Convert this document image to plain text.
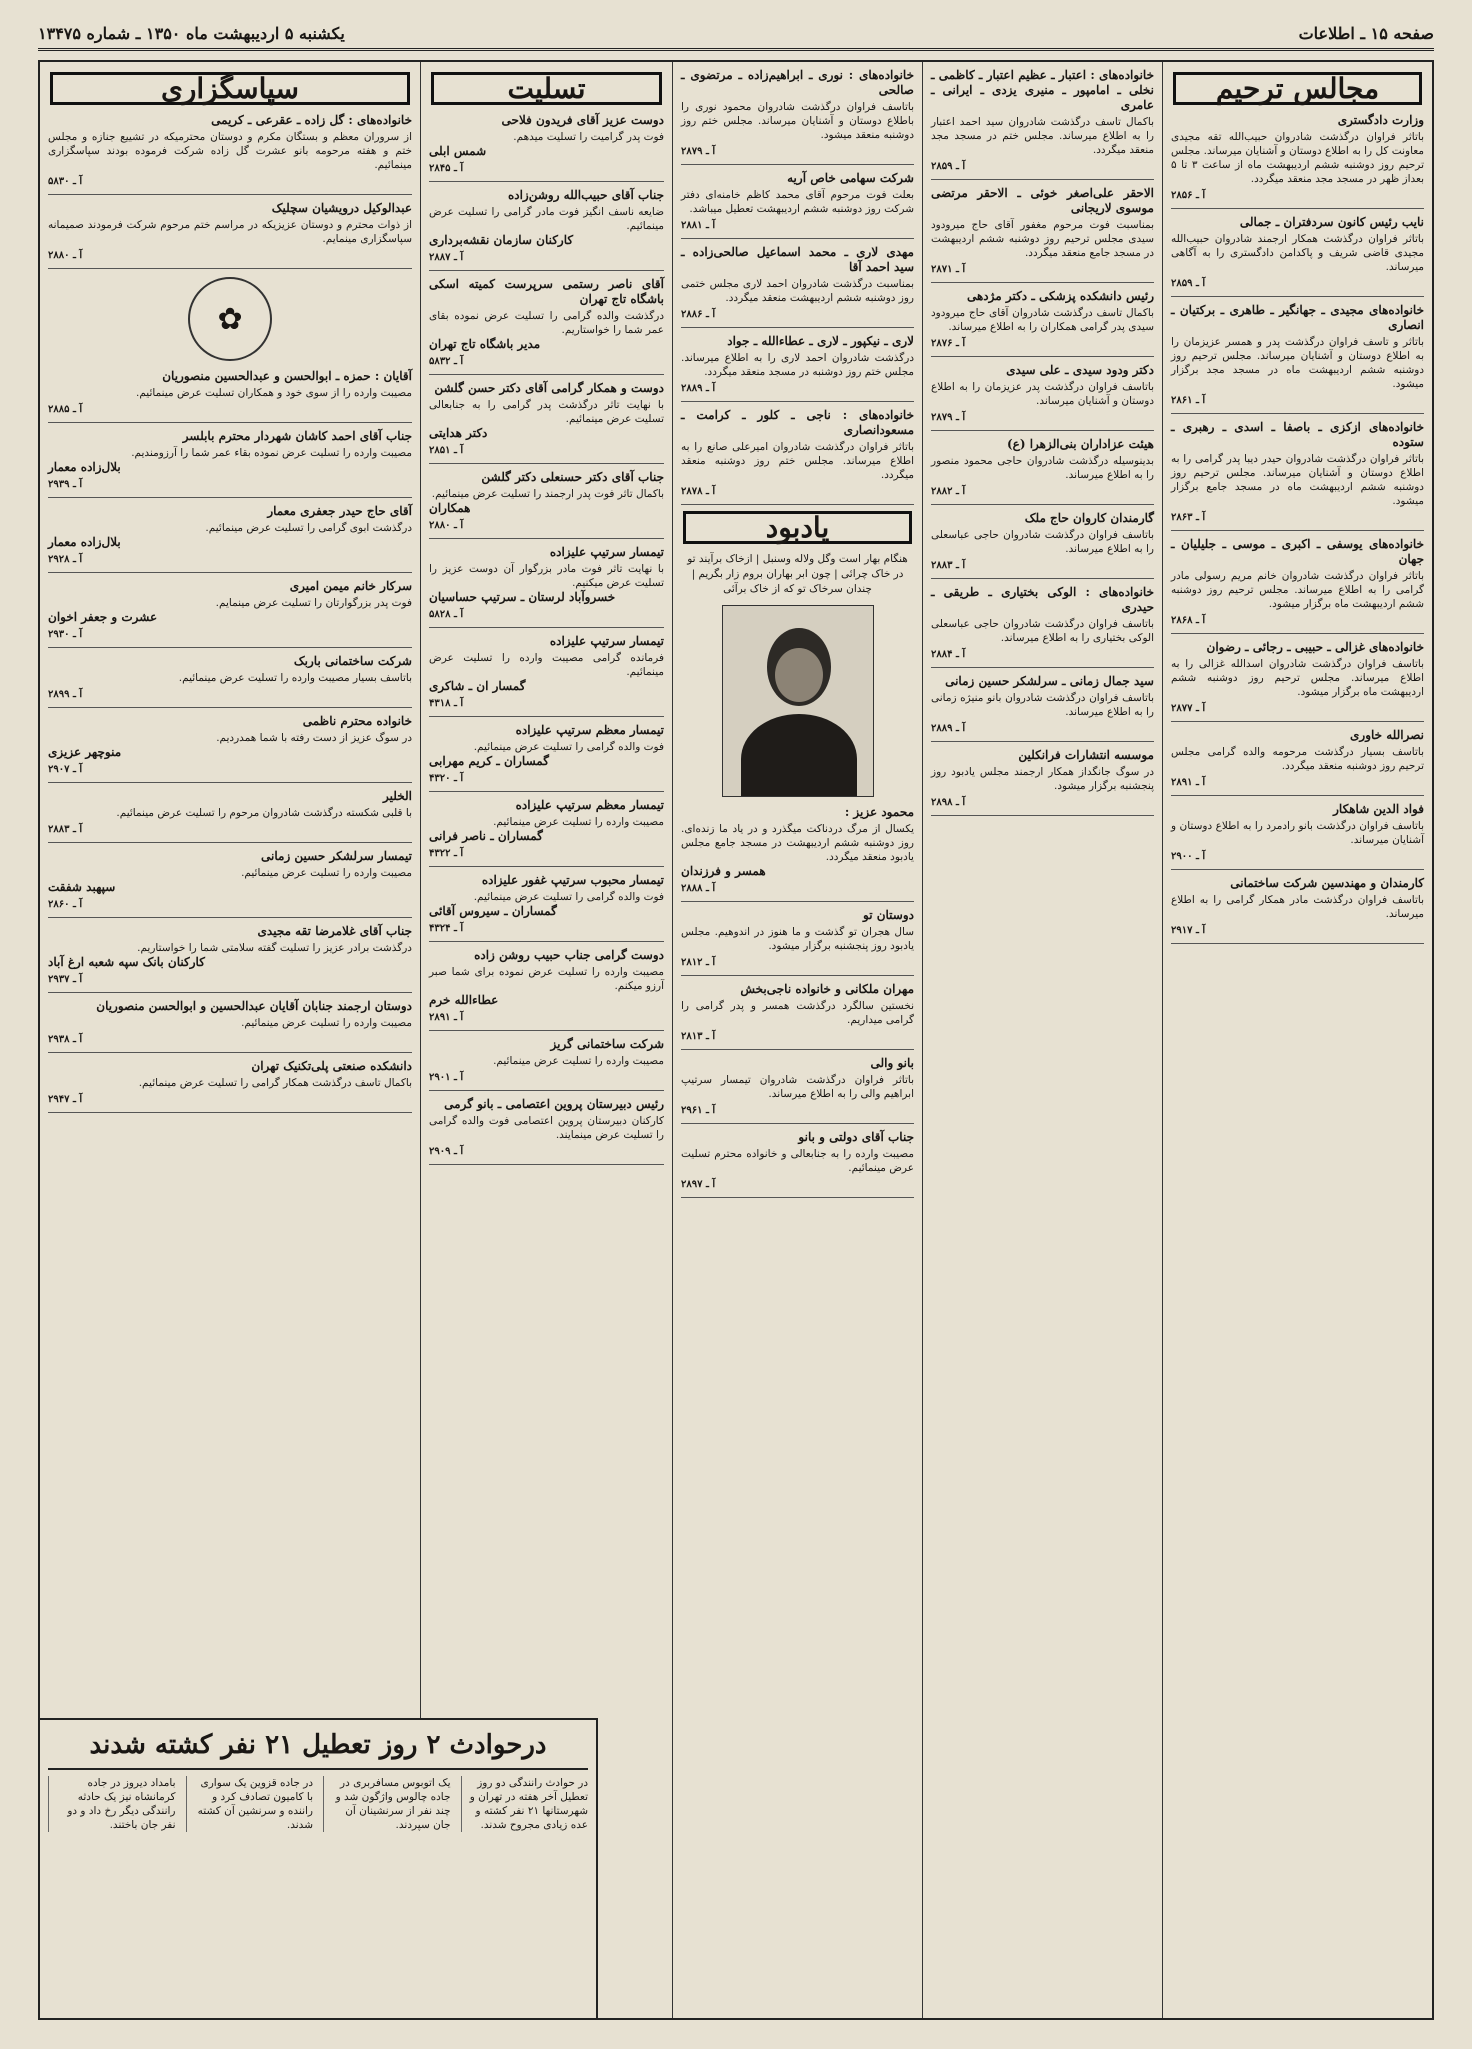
صفحه ۱۵ ـ اطلاعات
یکشنبه ۵ اردیبهشت ماه ۱۳۵۰ ـ شماره ۱۳۴۷۵
مجالس ترحیم
وزارت دادگستری
باتاثر فراوان درگذشت شادروان حبیب‌الله تقه مجیدی معاونت کل را به اطلاع دوستان و آشنایان میرساند. مجلس ترحیم روز دوشنبه ششم اردیبهشت ماه از ساعت ۳ تا ۵ بعداز ظهر در مسجد مجد منعقد میگردد.
آ ـ ۲۸۵۶
نایب رئیس کانون سردفتران ـ جمالی
باتاثر فراوان درگذشت همکار ارجمند شادروان حبیب‌الله مجیدی قاضی شریف و پاکدامن دادگستری را به آگاهی میرساند.
آ ـ ۲۸۵۹
خانواده‌های مجیدی ـ جهانگیر ـ طاهری ـ برکتیان ـ انصاری
باتاثر و تاسف فراوان درگذشت پدر و همسر عزیزمان را به اطلاع دوستان و آشنایان میرساند. مجلس ترحیم روز دوشنبه ششم اردیبهشت ماه در مسجد مجد برگزار میشود.
آ ـ ۲۸۶۱
خانواده‌های ازکزی ـ باصفا ـ اسدی ـ رهبری ـ ستوده
باتاثر فراوان درگذشت شادروان حیدر دیبا پدر گرامی را به اطلاع دوستان و آشنایان میرساند. مجلس ترحیم روز دوشنبه ششم اردیبهشت ماه در مسجد جامع برگزار میشود.
آ ـ ۲۸۶۳
خانواده‌های یوسفی ـ اکبری ـ موسی ـ جلیلیان ـ جهان
باتاثر فراوان درگذشت شادروان خانم مریم رسولی مادر گرامی را به اطلاع میرساند. مجلس ترحیم روز دوشنبه ششم اردیبهشت ماه برگزار میشود.
آ ـ ۲۸۶۸
خانواده‌های غزالی ـ حبیبی ـ رجائی ـ رضوان
باتاسف فراوان درگذشت شادروان اسدالله غزالی را به اطلاع میرساند. مجلس ترحیم روز دوشنبه ششم اردیبهشت ماه برگزار میشود.
آ ـ ۲۸۷۷
نصرالله خاوری
باتاسف بسیار درگذشت مرحومه والده گرامی مجلس ترحیم روز دوشنبه منعقد میگردد.
آ ـ ۲۸۹۱
فواد الدین شاهکار
باتاسف فراوان درگذشت بانو رادمرد را به اطلاع دوستان و آشنایان میرساند.
آ ـ ۲۹۰۰
کارمندان و مهندسین شرکت ساختمانی
باتاسف فراوان درگذشت مادر همکار گرامی را به اطلاع میرساند.
آ ـ ۲۹۱۷
خانواده‌های : اعتبار ـ عظیم اعتبار ـ کاظمی ـ نخلی ـ امامپور ـ منیری یزدی ـ ایرانی ـ عامری
باکمال تاسف درگذشت شادروان سید احمد اعتبار را به اطلاع میرساند. مجلس ختم در مسجد مجد منعقد میگردد.
آ ـ ۲۸۵۹
الاحقر علی‌اصغر خوئی ـ الاحقر مرتضی موسوی لاریجانی
بمناسبت فوت مرحوم مغفور آقای حاج میرودود سیدی مجلس ترحیم روز دوشنبه ششم اردیبهشت در مسجد جامع منعقد میگردد.
آ ـ ۲۸۷۱
رئیس دانشکده پزشکی ـ دکتر مژدهی
باکمال تاسف درگذشت شادروان آقای حاج میرودود سیدی پدر گرامی همکاران را به اطلاع میرساند.
آ ـ ۲۸۷۶
دکتر ودود سیدی ـ علی سیدی
باتاسف فراوان درگذشت پدر عزیزمان را به اطلاع دوستان و آشنایان میرساند.
آ ـ ۲۸۷۹
هیئت عزاداران بنی‌الزهرا (ع)
بدینوسیله درگذشت شادروان حاجی محمود منصور را به اطلاع میرساند.
آ ـ ۲۸۸۲
گارمندان کاروان حاج ملک
باتاسف فراوان درگذشت شادروان حاجی عباسعلی را به اطلاع میرساند.
آ ـ ۲۸۸۳
خانواده‌های : الوکی بختیاری ـ طریقی ـ حیدری
باتاسف فراوان درگذشت شادروان حاجی عباسعلی الوکی بختیاری را به اطلاع میرساند.
آ ـ ۲۸۸۴
سید جمال زمانی ـ سرلشکر حسین زمانی
باتاسف فراوان درگذشت شادروان بانو منیژه زمانی را به اطلاع میرساند.
آ ـ ۲۸۸۹
موسسه انتشارات فرانکلین
در سوگ جانگداز همکار ارجمند مجلس یادبود روز پنجشنبه برگزار میشود.
آ ـ ۲۸۹۸
خانواده‌های : نوری ـ ابراهیم‌زاده ـ مرتضوی ـ صالحی
باتاسف فراوان درگذشت شادروان محمود نوری را باطلاع دوستان و آشنایان میرساند. مجلس ختم روز دوشنبه منعقد میشود.
آ ـ ۲۸۷۹
شرکت سهامی خاص آریه
بعلت فوت مرحوم آقای محمد کاظم خامنه‌ای دفتر شرکت روز دوشنبه ششم اردیبهشت تعطیل میباشد.
آ ـ ۲۸۸۱
مهدی لاری ـ محمد اسماعیل صالحی‌زاده ـ سید احمد آقا
بمناسبت درگذشت شادروان احمد لاری مجلس ختمی روز دوشنبه ششم اردیبهشت منعقد میگردد.
آ ـ ۲۸۸۶
لاری ـ نیکپور ـ لاری ـ عطاءالله ـ جواد
درگذشت شادروان احمد لاری را به اطلاع میرساند. مجلس ختم روز دوشنبه در مسجد منعقد میگردد.
آ ـ ۲۸۸۹
خانواده‌های : ناجی ـ کلور ـ کرامت ـ مسعودانصاری
باتاثر فراوان درگذشت شادروان امیرعلی صانع را به اطلاع میرساند. مجلس ختم روز دوشنبه منعقد میگردد.
آ ـ ۲۸۷۸
یادبود
هنگام بهار است وگل ولاله وسنبل | ازخاک برآیند تو در خاک چرائی | چون ابر بهاران بروم زار بگریم | چندان سرخاک تو که از خاک برآئی
محمود عزیز :
یکسال از مرگ دردناکت میگذرد و در یاد ما زنده‌ای. روز دوشنبه ششم اردیبهشت در مسجد جامع مجلس یادبود منعقد میگردد.
همسر و فرزندان
آ ـ ۲۸۸۸
دوستان تو
سال هجران تو گذشت و ما هنوز در اندوهیم. مجلس یادبود روز پنجشنبه برگزار میشود.
آ ـ ۲۸۱۲
مهران ملکانی و خانواده ناجی‌بخش
نخستین سالگرد درگذشت همسر و پدر گرامی را گرامی میداریم.
آ ـ ۲۸۱۳
بانو والی
باتاثر فراوان درگذشت شادروان تیمسار سرتیپ ابراهیم والی را به اطلاع میرساند.
آ ـ ۲۹۶۱
جناب آقای دولتی و بانو
مصیبت وارده را به جنابعالی و خانواده محترم تسلیت عرض مینمائیم.
آ ـ ۲۸۹۷
تسلیت
دوست عزیز آقای فریدون فلاحی
فوت پدر گرامیت را تسلیت میدهم.
شمس ابلی
آ ـ ۲۸۴۵
جناب آقای حبیب‌الله روشن‌زاده
ضایعه ناسف انگیز فوت مادر گرامی را تسلیت عرض مینمائیم.
کارکنان سازمان نقشه‌برداری
آ ـ ۲۸۸۷
آقای ناصر رستمی سرپرست کمیته اسکی باشگاه تاج تهران
درگذشت والده گرامی را تسلیت عرض نموده بقای عمر شما را خواستاریم.
مدیر باشگاه تاج تهران
آ ـ ۵۸۳۲
دوست و همکار گرامی آقای دکتر حسن گلشن
با نهایت تاثر درگذشت پدر گرامی را به جنابعالی تسلیت عرض مینمائیم.
دکتر هدایتی
آ ـ ۲۸۵۱
جناب آقای دکتر حسنعلی دکتر گلشن
باکمال تاثر فوت پدر ارجمند را تسلیت عرض مینمائیم.
همکاران
آ ـ ۲۸۸۰
تیمسار سرتیپ علیزاده
با نهایت تاثر فوت مادر بزرگوار آن دوست عزیز را تسلیت عرض میکنیم.
خسروآباد لرستان ـ سرتیپ حساسیان
آ ـ ۵۸۲۸
تیمسار سرتیپ علیزاده
فرمانده گرامی مصیبت وارده را تسلیت عرض مینمائیم.
گمسار ان ـ شاکری
آ ـ ۴۳۱۸
تیمسار معظم سرتیپ علیزاده
فوت والده گرامی را تسلیت عرض مینمائیم.
گمساران ـ کریم مهرابی
آ ـ ۴۳۲۰
تیمسار معظم سرتیپ علیزاده
مصیبت وارده را تسلیت عرض مینمائیم.
گمساران ـ ناصر فرانی
آ ـ ۴۳۲۲
تیمسار محبوب سرتیپ غفور علیزاده
فوت والده گرامی را تسلیت عرض مینمائیم.
گمساران ـ سیروس آقائی
آ ـ ۴۳۲۴
دوست گرامی جناب حبیب روشن زاده
مصیبت وارده را تسلیت عرض نموده برای شما صبر آرزو میکنم.
عطاءالله خرم
آ ـ ۲۸۹۱
شرکت ساختمانی گریز
مصیبت وارده را تسلیت عرض مینمائیم.
آ ـ ۲۹۰۱
رئیس دبیرستان پروین اعتصامی ـ بانو گرمی
کارکنان دبیرستان پروین اعتصامی فوت والده گرامی را تسلیت عرض مینمایند.
آ ـ ۲۹۰۹
سپاسگزاری
خانواده‌های : گل زاده ـ عقرعی ـ کریمی
از سروران معظم و بستگان مکرم و دوستان محترمیکه در تشییع جنازه و مجلس ختم و هفته مرحومه بانو عشرت گل زاده شرکت فرموده بودند سپاسگزاری مینمائیم.
آ ـ ۵۸۳۰
عبدالوکیل درویشیان سچلیک
از ذوات محترم و دوستان عزیزیکه در مراسم ختم مرحوم شرکت فرمودند صمیمانه سپاسگزاری مینمایم.
آ ـ ۲۸۸۰
✿
آقایان : حمزه ـ ابوالحسن و عبدالحسین منصوریان
مصیبت وارده را از سوی خود و همکاران تسلیت عرض مینمائیم.
آ ـ ۲۸۸۵
جناب آقای احمد کاشان شهردار محترم بابلسر
مصیبت وارده را تسلیت عرض نموده بقاء عمر شما را آرزومندیم.
بلال‌زاده معمار
آ ـ ۲۹۳۹
آقای حاج حیدر جعفری معمار
درگذشت ابوی گرامی را تسلیت عرض مینمائیم.
بلال‌زاده معمار
آ ـ ۲۹۲۸
سرکار خانم میمن امیری
فوت پدر بزرگوارتان را تسلیت عرض مینمایم.
عشرت و جعفر اخوان
آ ـ ۲۹۳۰
شرکت ساختمانی باربک
باتاسف بسیار مصیبت وارده را تسلیت عرض مینمائیم.
آ ـ ۲۸۹۹
خانواده محترم ناظمی
در سوگ عزیز از دست رفته با شما همدردیم.
منوچهر عزیزی
آ ـ ۲۹۰۷
الخلیر
با قلبی شکسته درگذشت شادروان مرحوم را تسلیت عرض مینمائیم.
آ ـ ۲۸۸۳
تیمسار سرلشکر حسین زمانی
مصیبت وارده را تسلیت عرض مینمائیم.
سپهبد شفقت
آ ـ ۲۸۶۰
جناب آقای غلامرضا تقه مجیدی
درگذشت برادر عزیز را تسلیت گفته سلامتی شما را خواستاریم.
کارکنان بانک سپه شعبه ارغ آباد
آ ـ ۲۹۳۷
دوستان ارجمند جنابان آقایان عبدالحسین و ابوالحسن منصوریان
مصیبت وارده را تسلیت عرض مینمائیم.
آ ـ ۲۹۳۸
دانشکده صنعتی پلی‌تکنیک تهران
باکمال تاسف درگذشت همکار گرامی را تسلیت عرض مینمائیم.
آ ـ ۲۹۴۷
درحوادث ۲ روز تعطیل ۲۱ نفر کشته شدند
در حوادث رانندگی دو روز تعطیل آخر هفته در تهران و شهرستانها ۲۱ نفر کشته و عده زیادی مجروح شدند.
یک اتوبوس مسافربری در جاده چالوس واژگون شد و چند نفر از سرنشینان آن جان سپردند.
در جاده قزوین یک سواری با کامیون تصادف کرد و راننده و سرنشین آن کشته شدند.
بامداد دیروز در جاده کرمانشاه نیز یک حادثه رانندگی دیگر رخ داد و دو نفر جان باختند.
